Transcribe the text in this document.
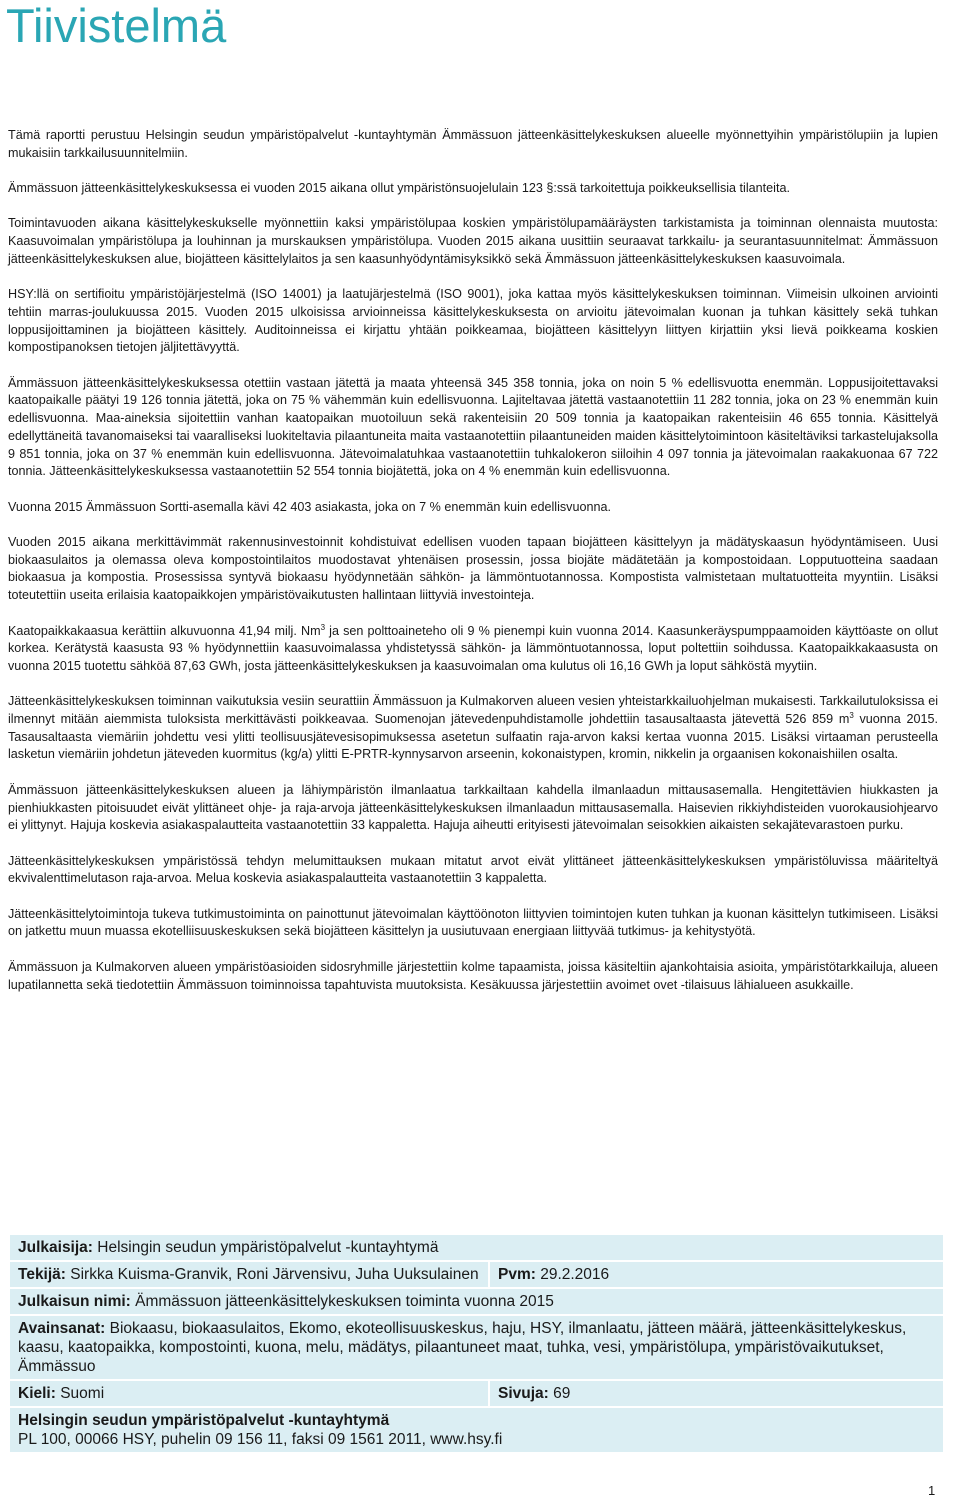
Tiivistelmä

Tämä raportti perustuu Helsingin seudun ympäristöpalvelut -kuntayhtymän Ämmässuon jätteenkäsittelykeskuksen alueelle myönnettyihin ympäristölupiin ja lupien mukaisiin tarkkailusuunnitelmiin.

Ämmässuon jätteenkäsittelykeskuksessa ei vuoden 2015 aikana ollut ympäristönsuojelulain 123 §:ssä tarkoitettuja poikkeuksellisia tilanteita.

Toimintavuoden aikana käsittelykeskukselle myönnettiin kaksi ympäristölupaa koskien ympäristölupamääräysten tarkistamista ja toiminnan olennaista muutosta: Kaasuvoimalan ympäristölupa ja louhinnan ja murskauksen ympäristölupa. Vuoden 2015 aikana uusittiin seuraavat tarkkailu- ja seurantasuunnitelmat: Ämmässuon jätteenkäsittelykeskuksen alue, biojätteen käsittelylaitos ja sen kaasunhyödyntämisyksikkö sekä Ämmässuon jätteenkäsittelykeskuksen kaasuvoimala.

HSY:llä on sertifioitu ympäristöjärjestelmä (ISO 14001) ja laatujärjestelmä (ISO 9001), joka kattaa myös käsittelykeskuksen toiminnan. Viimeisin ulkoinen arviointi tehtiin marras-joulukuussa 2015. Vuoden 2015 ulkoisissa arvioinneissa käsittelykeskuksesta on arvioitu jätevoimalan kuonan ja tuhkan käsittely sekä tuhkan loppusijoittaminen ja biojätteen käsittely. Auditoinneissa ei kirjattu yhtään poikkeamaa, biojätteen käsittelyyn liittyen kirjattiin yksi lievä poikkeama koskien kompostipanoksen tietojen jäljitettävyyttä.

Ämmässuon jätteenkäsittelykeskuksessa otettiin vastaan jätettä ja maata yhteensä 345 358 tonnia, joka on noin 5 % edellisvuotta enemmän. Loppusijoitettavaksi kaatopaikalle päätyi 19 126 tonnia jätettä, joka on 75 % vähemmän kuin edellisvuonna. Lajiteltavaa jätettä vastaanotettiin 11 282 tonnia, joka on 23 % enemmän kuin edellisvuonna. Maa-aineksia sijoitettiin vanhan kaatopaikan muotoiluun sekä rakenteisiin 20 509 tonnia ja kaatopaikan rakenteisiin 46 655 tonnia. Käsittelyä edellyttäneitä tavanomaiseksi tai vaaralliseksi luokiteltavia pilaantuneita maita vastaanotettiin pilaantuneiden maiden käsittelytoimintoon käsiteltäviksi tarkastelujaksolla 9 851 tonnia, joka on 37 % enemmän kuin edellisvuonna. Jätevoimalatuhkaa vastaanotettiin tuhkalokeron siiloihin 4 097 tonnia ja jätevoimalan raakakuonaa 67 722 tonnia. Jätteenkäsittelykeskuksessa vastaanotettiin 52 554 tonnia biojätettä, joka on 4 % enemmän kuin edellisvuonna.

Vuonna 2015 Ämmässuon Sortti-asemalla kävi 42 403 asiakasta, joka on 7 % enemmän kuin edellisvuonna.

Vuoden 2015 aikana merkittävimmät rakennusinvestoinnit kohdistuivat edellisen vuoden tapaan biojätteen käsittelyyn ja mädätyskaasun hyödyntämiseen. Uusi biokaasulaitos ja olemassa oleva kompostointilaitos muodostavat yhtenäisen prosessin, jossa biojäte mädätetään ja kompostoidaan. Lopputuotteina saadaan biokaasua ja kompostia. Prosessissa syntyvä biokaasu hyödynnetään sähkön- ja lämmöntuotannossa. Kompostista valmistetaan multatuotteita myyntiin. Lisäksi toteutettiin useita erilaisia kaatopaikkojen ympäristövaikutusten hallintaan liittyviä investointeja.

Kaatopaikkakaasua kerättiin alkuvuonna 41,94 milj. Nm$^3$ ja sen polttoaineteho oli 9 % pienempi kuin vuonna 2014. Kaasunkeräyspumppaamoiden käyttöaste on ollut korkea. Kerätystä kaasusta 93 % hyödynnettiin kaasuvoimalassa yhdistetyssä sähkön- ja lämmöntuotannossa, loput poltettiin soihdussa. Kaatopaikkakaasusta on vuonna 2015 tuotettu sähköä 87,63 GWh, josta jätteenkäsittelykeskuksen ja kaasuvoimalan oma kulutus oli 16,16 GWh ja loput sähköstä myytiin.

Jätteenkäsittelykeskuksen toiminnan vaikutuksia vesiin seurattiin Ämmässuon ja Kulmakorven alueen vesien yhteistarkkailuohjelman mukaisesti. Tarkkailutuloksissa ei ilmennyt mitään aiemmista tuloksista merkittävästi poikkeavaa. Suomenojan jätevedenpuhdistamolle johdettiin tasausaltaasta jätevettä 526 859 $m^3$ vuonna 2015. Tasausaltaasta viemäriin johdettu vesi ylitti teollisuusjätevesisopimuksessa asetetun sulfaatin raja-arvon kaksi kertaa vuonna 2015. Lisäksi virtaaman perusteella lasketun viemäriin johdetun jäteveden kuormitus (kg/a) ylitti E-PRTR-kynnysarvon arseenin, kokonaistypen, kromin, nikkelin ja orgaanisen kokonaishiilen osalta.

Ämmässuon jätteenkäsittelykeskuksen alueen ja lähiympäristön ilmanlaatua tarkkailtaan kahdella ilmanlaadun mittausasemalla. Hengitettävien hiukkasten ja pienhiukkasten pitoisuudet eivät ylittäneet ohje- ja raja-arvoja jätteenkäsittelykeskuksen ilmanlaadun mittausasemalla. Haisevien rikkiyhdisteiden vuorokausiohjearvo ei ylittynyt. Hajuja koskevia asiakaspalautteita vastaanotettiin 33 kappaletta. Hajuja aiheutti erityisesti jätevoimalan seisokkien aikaisten sekajätevarastoen purku.

Jätteenkäsittelykeskuksen ympäristössä tehdyn melumittauksen mukaan mitatut arvot eivät ylittäneet jätteenkäsittelykeskuksen ympäristöluvissa määriteltyä ekvivalenttimelutason raja-arvoa. Melua koskevia asiakaspalautteita vastaanotettiin 3 kappaletta.

Jätteenkäsittelytoimintoja tukeva tutkimustoiminta on painottunut jätevoimalan käyttöönoton liittyvien toimintojen kuten tuhkan ja kuonan käsittelyn tutkimiseen. Lisäksi on jatkettu muun muassa ekotelliisuuskeskuksen sekä biojätteen käsittelyn ja uusiutuvaan energiaan liittyvää tutkimus- ja kehitystyötä.

Ämmässuon ja Kulmakorven alueen ympäristöasioiden sidosryhmille järjestettiin kolme tapaamista, joissa käsiteltiin ajankohtaisia asioita, ympäristötarkkailuja, alueen lupatilannetta sekä tiedotettiin Ämmässuon toiminnoissa tapahtuvista muutoksista. Kesäkuussa järjestettiin avoimet ovet -tilaisuus lähialueen asukkaille.

Julkaisija: Helsingin seudun ympäristöpalvelut -kuntayhtymä	
Tekijä: Sirkka Kuisma-Granvik, Roni Järvensivu, Juha Uuksulainen	Pvm: 29.2.2016
Julkaisun nimi: Ämmässuon jätteenkäsittelykeskuksen toiminta vuonna 2015	
Avainsanat: Biokaasu, biokaasulaitos, Ekomo, ekoteollisuuskeskus, haju, HSY, ilmanlaatu, jätteen määrä, jätteenkäsittelykeskus, kaasu, kaatopaikka, kompostointi, kuona, melu, mädätys, pilaantuneet maat, tuhka, vesi, ympäristölupa, ympäristövaikutukset, Ämmässuo	
Kieli: Suomi	Sivuja: 69

Helsingin seudun ympäristöpalvelut -kuntayhtymä
PL 100, 00066 HSY, puhelin 09 156 11, faksi 09 1561 2011, www.hsy.fi	
1
